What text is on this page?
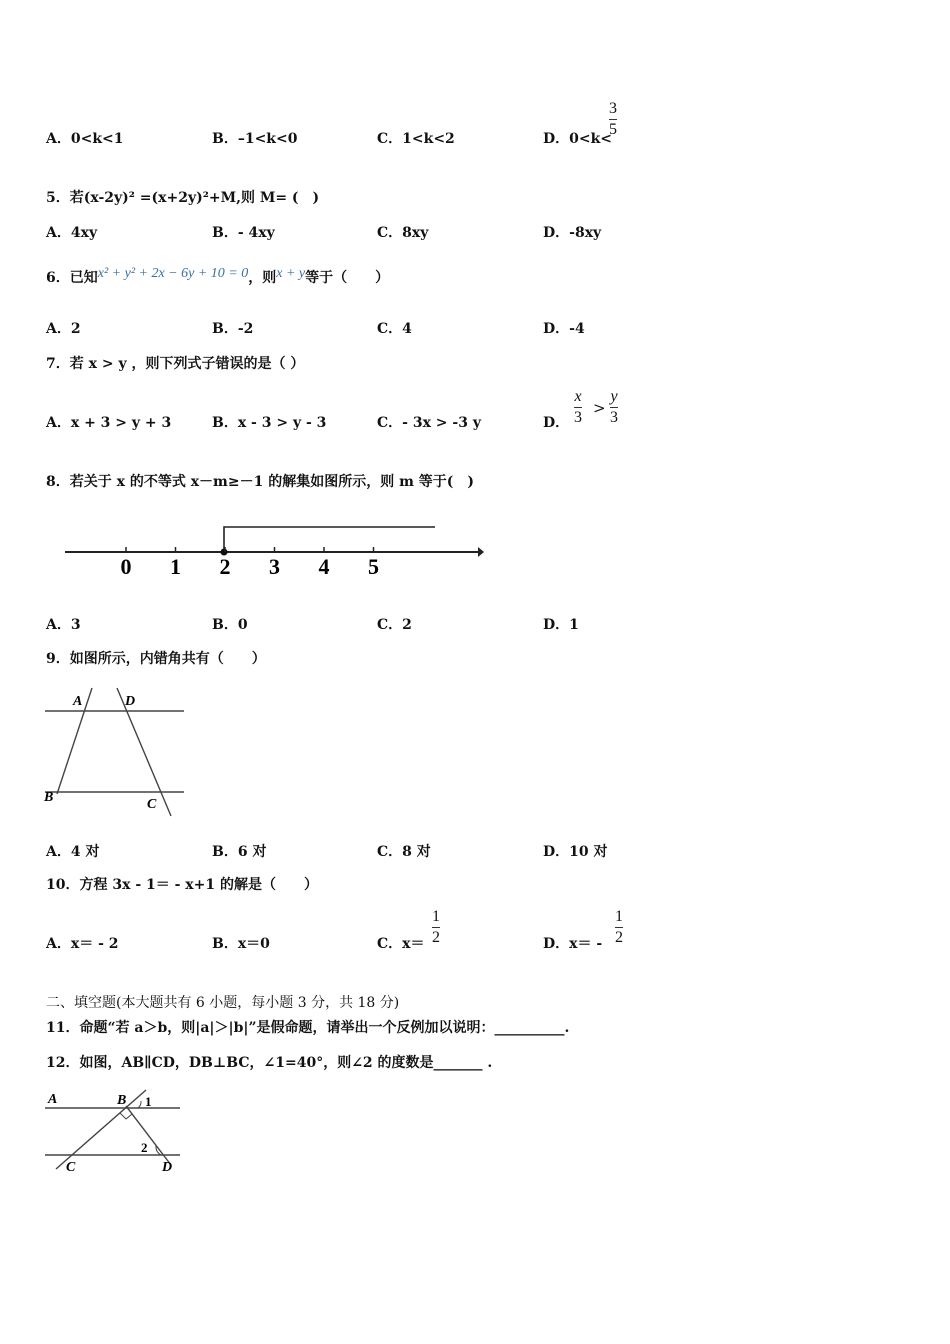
A．0<k<1	B．–1<k<0	C．1<k<2	D．0<k<
3
5
5．若(x-2y)² =(x+2y)²+M,则 M= (　)
A．4xy	B．- 4xy	C．8xy	D．-8xy
6．已知x² + y² + 2x − 6y + 10 = 0，则x + y等于（　　）
A．2	B．-2	C．4	D．-4
7．若 x > y ，则下列式子错误的是（ ）
A．x + 3 > y + 3	B．x - 3 > y - 3	C．- 3x > -3 y	D．
x
3
>
y
3
8．若关于 x 的不等式 x－m≥－1 的解集如图所示，则 m 等于(　)
0 1 2 3 4 5
A．3	B．0	C．2	D．1
9．如图所示，内错角共有（　　）
A	D
B	C
A．4 对	B．6 对	C．8 对	D．10 对
10．方程 3x - 1＝ - x+1 的解是（　　）
A．x＝ - 2	B．x＝0	C．x＝
1
2	D．x＝ -
1
2
二、填空题(本大题共有 6 小题，每小题 3 分，共 18 分)
11．命题“若 a＞b，则|a|＞|b|”是假命题，请举出一个反例加以说明：__________.
12．如图，AB∥CD，DB⊥BC，∠1=40°，则∠2 的度数是_______ .
A	B 1
2
C	D
